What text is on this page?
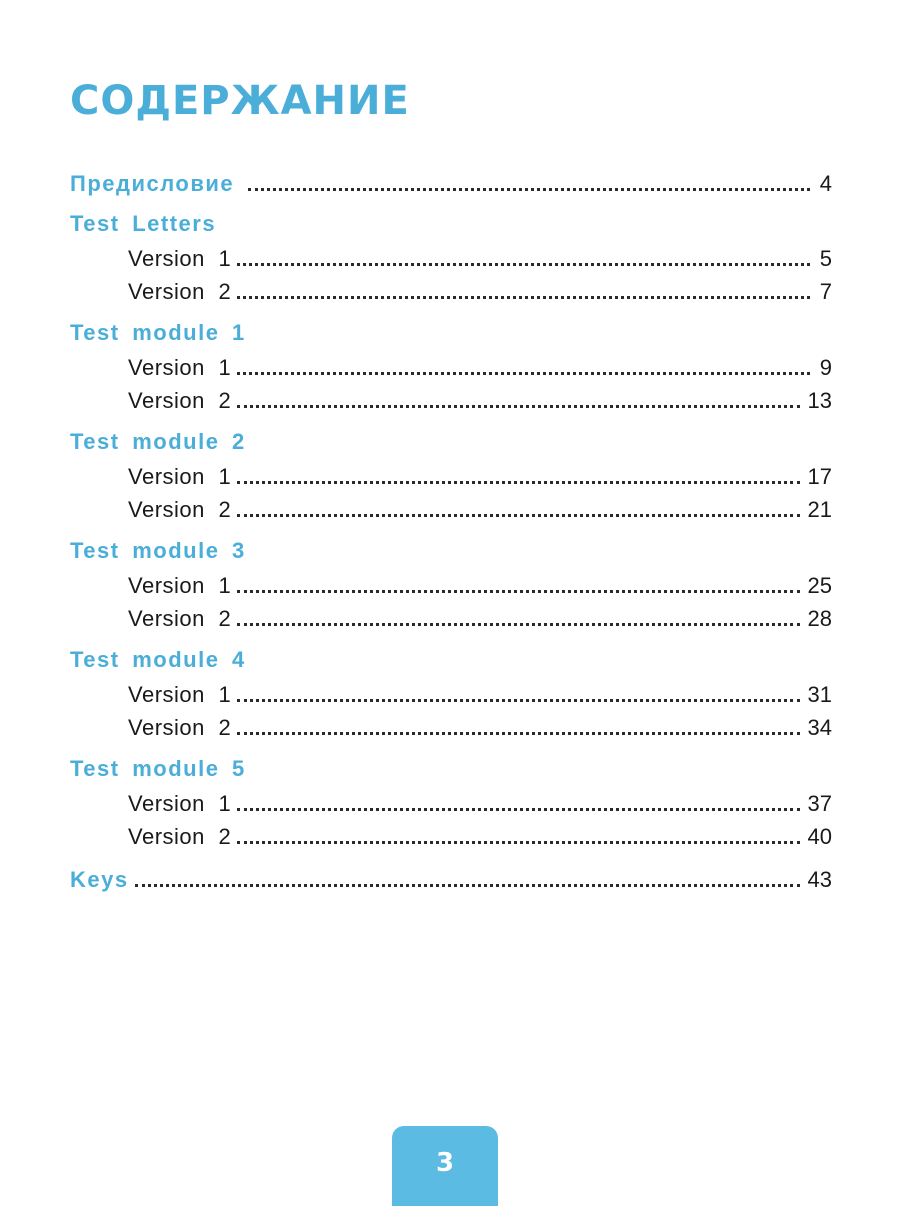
СОДЕРЖАНИЕ
Предисловие	4
Test Letters
Version 1	5
Version 2	7
Test module 1
Version 1	9
Version 2	13
Test module 2
Version 1	17
Version 2	21
Test module 3
Version 1	25
Version 2	28
Test module 4
Version 1	31
Version 2	34
Test module 5
Version 1	37
Version 2	40
Keys	43
3
